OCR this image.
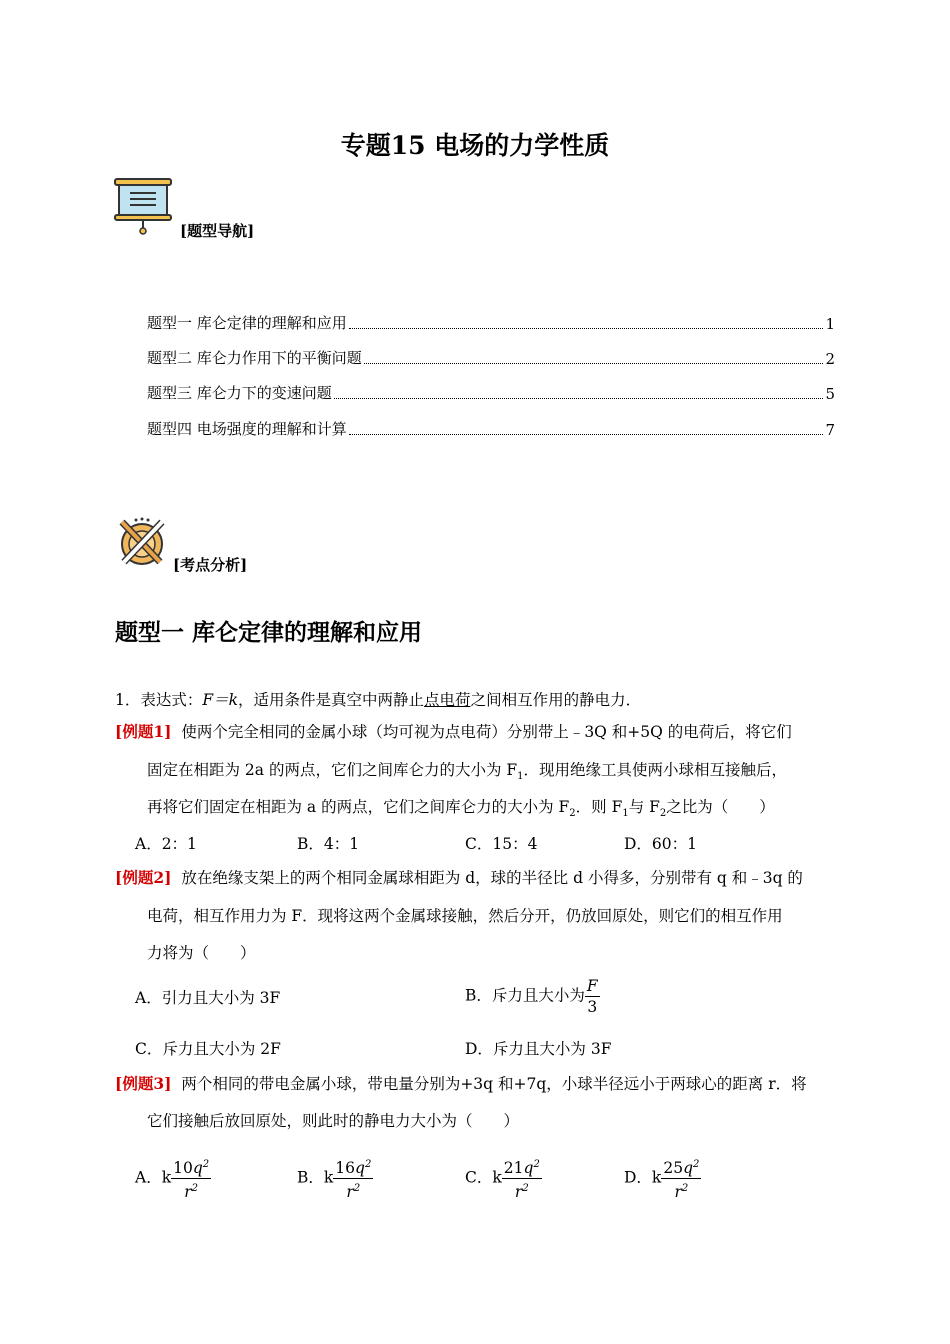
专题15 电场的力学性质
[题型导航]
题型一 库仑定律的理解和应用	1
题型二 库仑力作用下的平衡问题	2
题型三 库仑力下的变速问题	5
题型四 电场强度的理解和计算	7
[考点分析]
题型一 库仑定律的理解和应用
1．表达式：F＝k，适用条件是真空中两静止点电荷之间相互作用的静电力．
[例题1] 使两个完全相同的金属小球（均可视为点电荷）分别带上﹣3Q 和+5Q 的电荷后，将它们
固定在相距为 2a 的两点，它们之间库仑力的大小为 $F_1$．现用绝缘工具使两小球相互接触后，
再将它们固定在相距为 a 的两点，它们之间库仑力的大小为 $F_2$．则 $F_1$与 $F_2$之比为（　　）
A．2：1	B．4：1	C．15：4	D．60：1
[例题2] 放在绝缘支架上的两个相同金属球相距为 d，球的半径比 d 小得多，分别带有 q 和﹣3q 的
电荷，相互作用力为 F．现将这两个金属球接触，然后分开，仍放回原处，则它们的相互作用
力将为（　　）
A．引力且大小为 3F	B．斥力且大小为 $\frac{F}{3}$
C．斥力且大小为 2F	D．斥力且大小为 3F
[例题3] 两个相同的带电金属小球，带电量分别为+3q 和+7q，小球半径远小于两球心的距离 r．将
它们接触后放回原处，则此时的静电力大小为（　　）
A．k $\frac{10q^2}{r^2}$	B．k $\frac{16q^2}{r^2}$	C．k $\frac{21q^2}{r^2}$	D．k $\frac{25q^2}{r^2}$
